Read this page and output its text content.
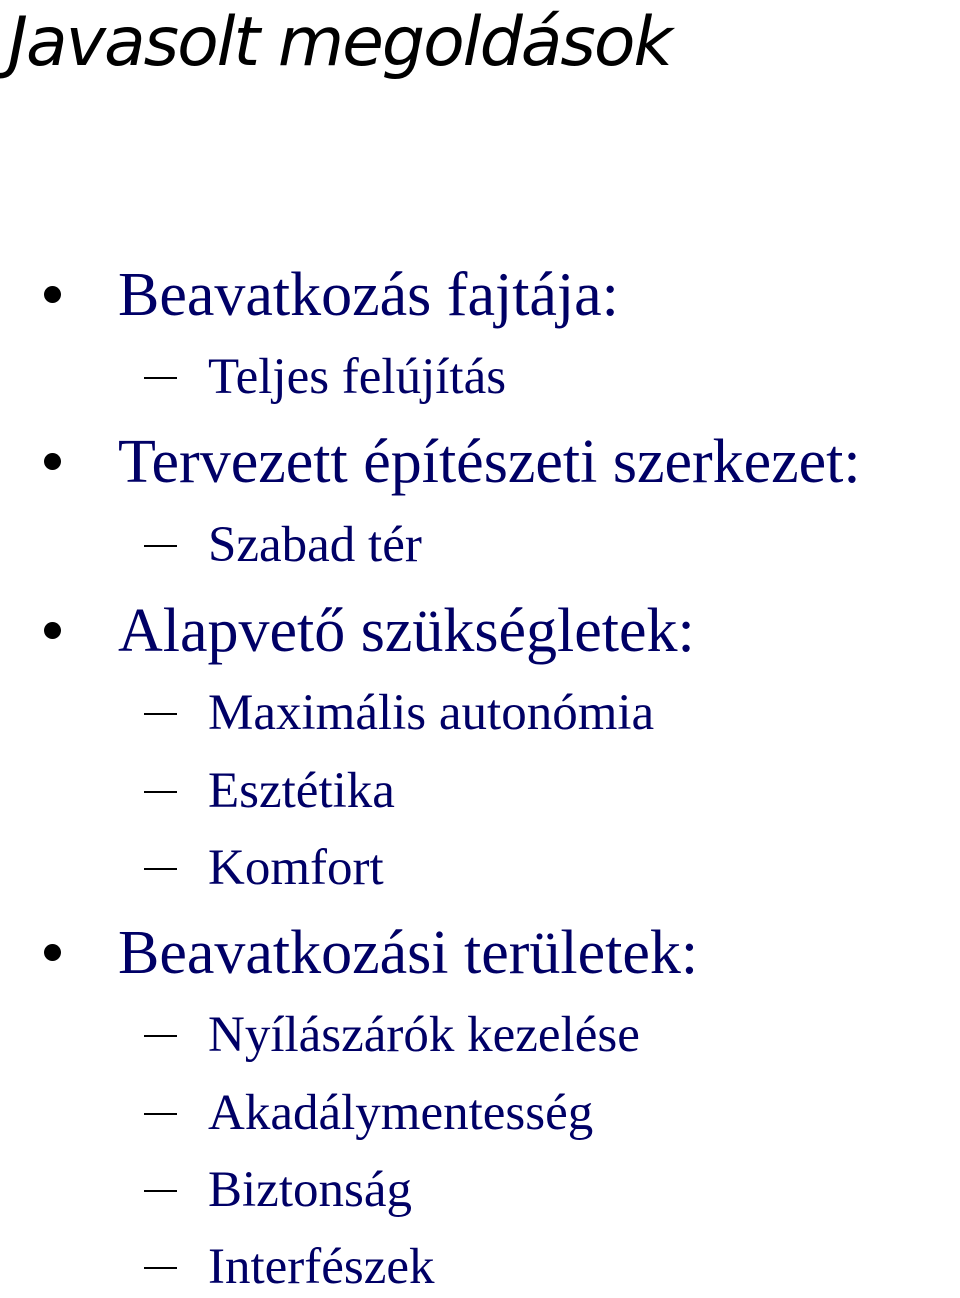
Javasolt megoldások
Beavatkozás fajtája:
Teljes felújítás
Tervezett építészeti szerkezet:
Szabad tér
Alapvető szükségletek:
Maximális autonómia
Esztétika
Komfort
Beavatkozási területek:
Nyílászárók kezelése
Akadálymentesség
Biztonság
Interfészek
